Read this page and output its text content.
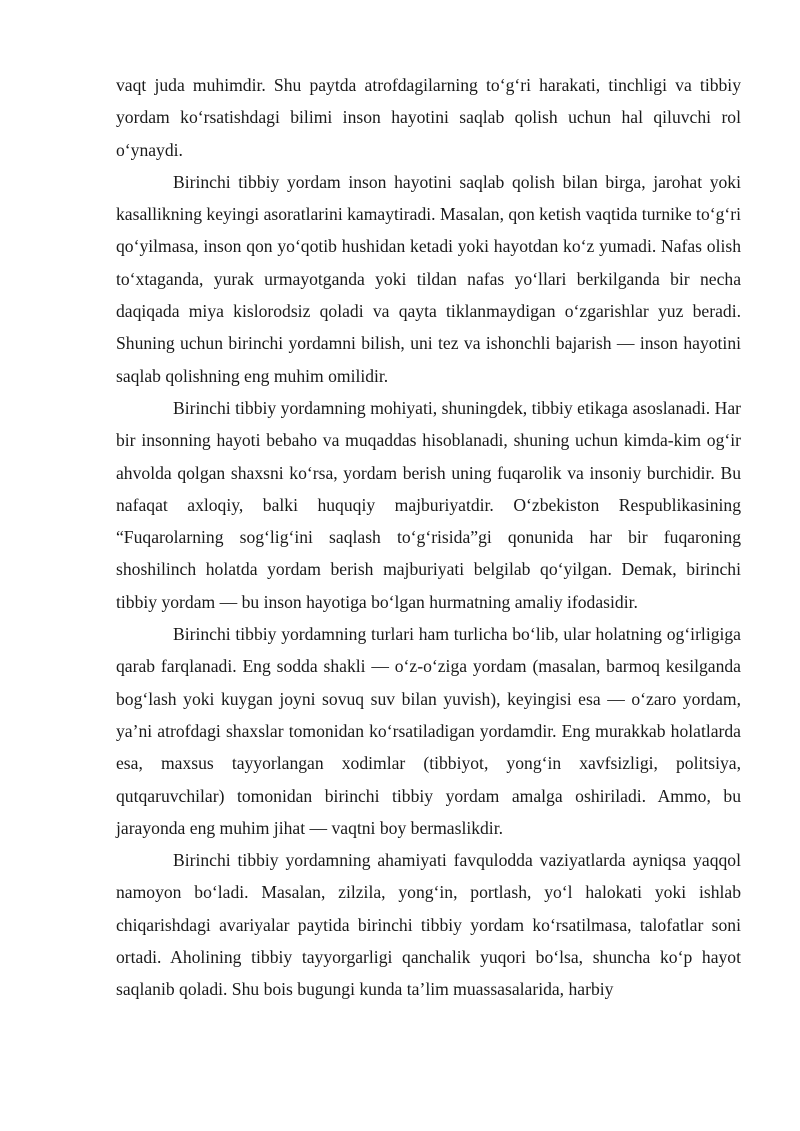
vaqt juda muhimdir. Shu paytda atrofdagilarning to‘g‘ri harakati, tinchligi va tibbiy yordam ko‘rsatishdagi bilimi inson hayotini saqlab qolish uchun hal qiluvchi rol o‘ynaydi.

Birinchi tibbiy yordam inson hayotini saqlab qolish bilan birga, jarohat yoki kasallikning keyingi asoratlarini kamaytiradi. Masalan, qon ketish vaqtida turnike to‘g‘ri qo‘yilmasa, inson qon yo‘qotib hushidan ketadi yoki hayotdan ko‘z yumadi. Nafas olish to‘xtaganda, yurak urmayotganda yoki tildan nafas yo‘llari berkilganda bir necha daqiqada miya kislorodsiz qoladi va qayta tiklanmaydigan o‘zgarishlar yuz beradi. Shuning uchun birinchi yordamni bilish, uni tez va ishonchli bajarish — inson hayotini saqlab qolishning eng muhim omilidir.

Birinchi tibbiy yordamning mohiyati, shuningdek, tibbiy etikaga asoslanadi. Har bir insonning hayoti bebaho va muqaddas hisoblanadi, shuning uchun kimda-kim og‘ir ahvolda qolgan shaxsni ko‘rsa, yordam berish uning fuqarolik va insoniy burchidir. Bu nafaqat axloqiy, balki huquqiy majburiyatdir. O‘zbekiston Respublikasining “Fuqarolarning sog‘lig‘ini saqlash to‘g‘risida”gi qonunida har bir fuqaroning shoshilinch holatda yordam berish majburiyati belgilab qo‘yilgan. Demak, birinchi tibbiy yordam — bu inson hayotiga bo‘lgan hurmatning amaliy ifodasidir.

Birinchi tibbiy yordamning turlari ham turlicha bo‘lib, ular holatning og‘irligiga qarab farqlanadi. Eng sodda shakli — o‘z-o‘ziga yordam (masalan, barmoq kesilganda bog‘lash yoki kuygan joyni sovuq suv bilan yuvish), keyingisi esa — o‘zaro yordam, ya’ni atrofdagi shaxslar tomonidan ko‘rsatiladigan yordamdir. Eng murakkab holatlarda esa, maxsus tayyorlangan xodimlar (tibbiyot, yong‘in xavfsizligi, politsiya, qutqaruvchilar) tomonidan birinchi tibbiy yordam amalga oshiriladi. Ammo, bu jarayonda eng muhim jihat — vaqtni boy bermaslikdir.

Birinchi tibbiy yordamning ahamiyati favqulodda vaziyatlarda ayniqsa yaqqol namoyon bo‘ladi. Masalan, zilzila, yong‘in, portlash, yo‘l halokati yoki ishlab chiqarishdagi avariyalar paytida birinchi tibbiy yordam ko‘rsatilmasa, talofatlar soni ortadi. Aholining tibbiy tayyorgarligi qanchalik yuqori bo‘lsa, shuncha ko‘p hayot saqlanib qoladi. Shu bois bugungi kunda ta’lim muassasalarida, harbiy
